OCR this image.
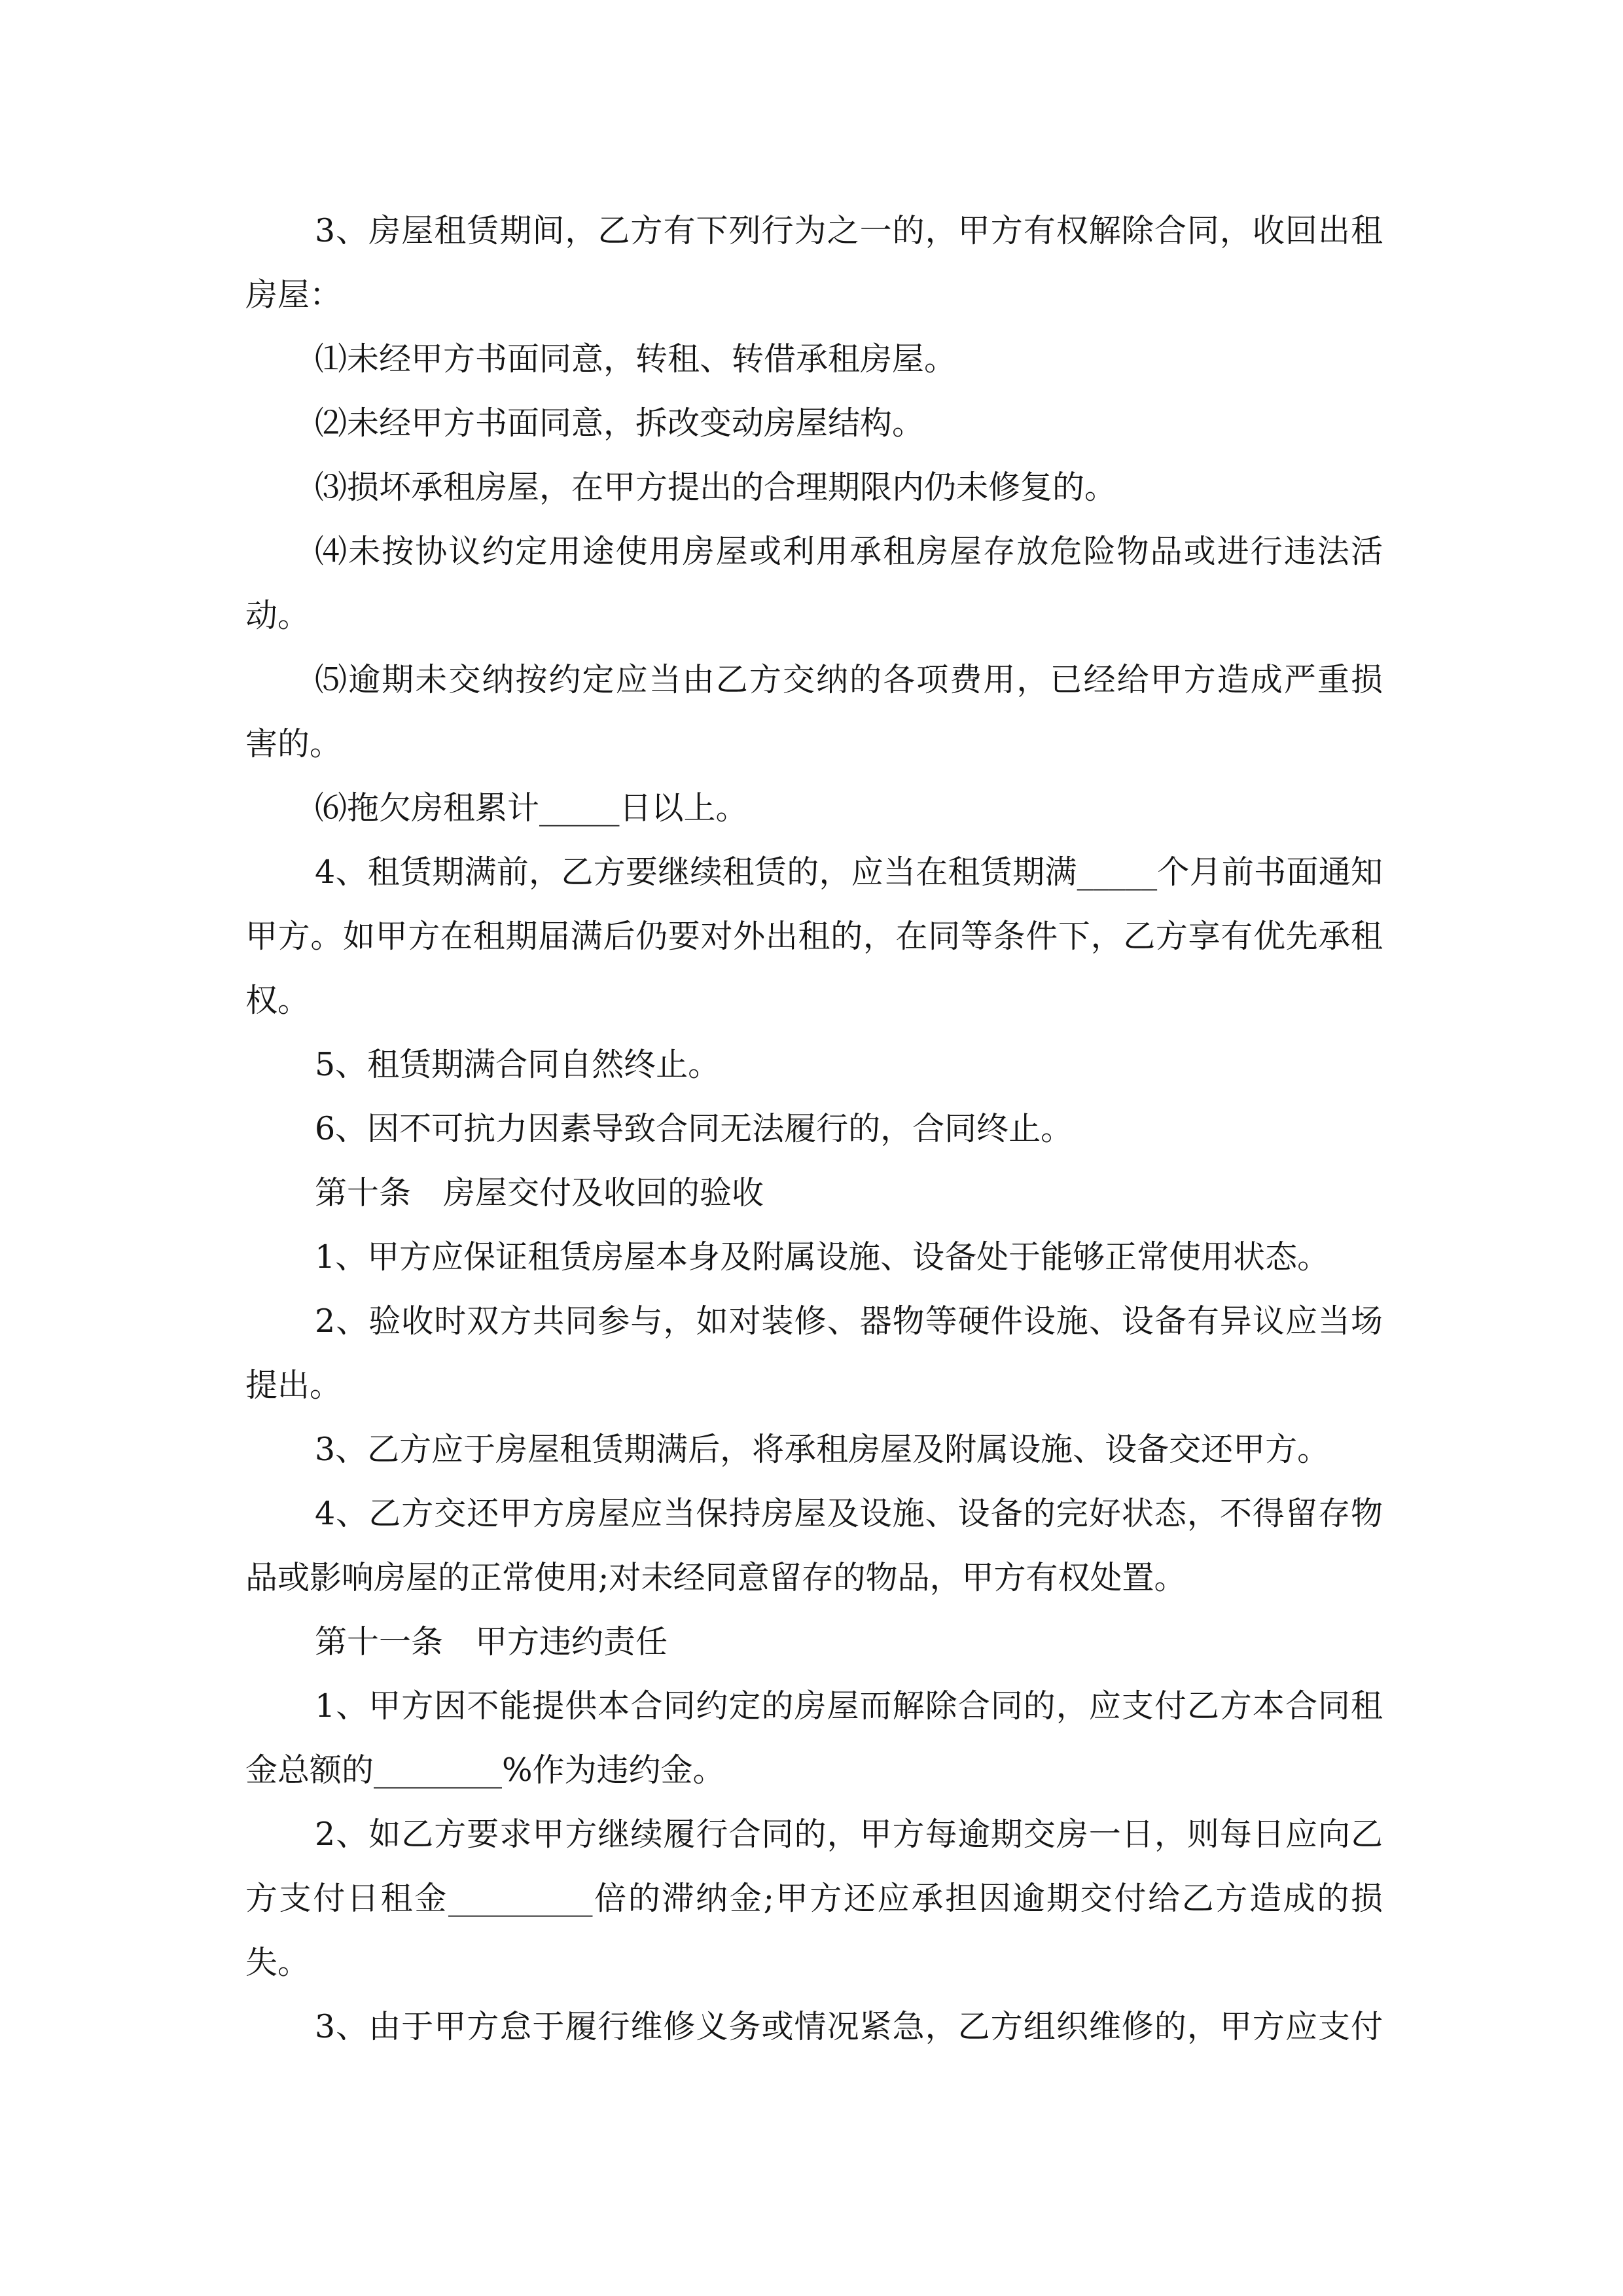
3、房屋租赁期间，乙方有下列行为之一的，甲方有权解除合同，收回出租
房屋：
⑴未经甲方书面同意，转租、转借承租房屋。
⑵未经甲方书面同意，拆改变动房屋结构。
⑶损坏承租房屋，在甲方提出的合理期限内仍未修复的。
⑷未按协议约定用途使用房屋或利用承租房屋存放危险物品或进行违法活
动。
⑸逾期未交纳按约定应当由乙方交纳的各项费用，已经给甲方造成严重损
害的。
⑹拖欠房租累计_____日以上。
4、租赁期满前，乙方要继续租赁的，应当在租赁期满_____个月前书面通知
甲方。如甲方在租期届满后仍要对外出租的，在同等条件下，乙方享有优先承租
权。
5、租赁期满合同自然终止。
6、因不可抗力因素导致合同无法履行的，合同终止。
第十条　房屋交付及收回的验收
1、甲方应保证租赁房屋本身及附属设施、设备处于能够正常使用状态。
2、验收时双方共同参与，如对装修、器物等硬件设施、设备有异议应当场
提出。
3、乙方应于房屋租赁期满后，将承租房屋及附属设施、设备交还甲方。
4、乙方交还甲方房屋应当保持房屋及设施、设备的完好状态，不得留存物
品或影响房屋的正常使用;对未经同意留存的物品，甲方有权处置。
第十一条　甲方违约责任
1、甲方因不能提供本合同约定的房屋而解除合同的，应支付乙方本合同租
金总额的________%作为违约金。
2、如乙方要求甲方继续履行合同的，甲方每逾期交房一日，则每日应向乙
方支付日租金_________倍的滞纳金;甲方还应承担因逾期交付给乙方造成的损
失。
3、由于甲方怠于履行维修义务或情况紧急，乙方组织维修的，甲方应支付
